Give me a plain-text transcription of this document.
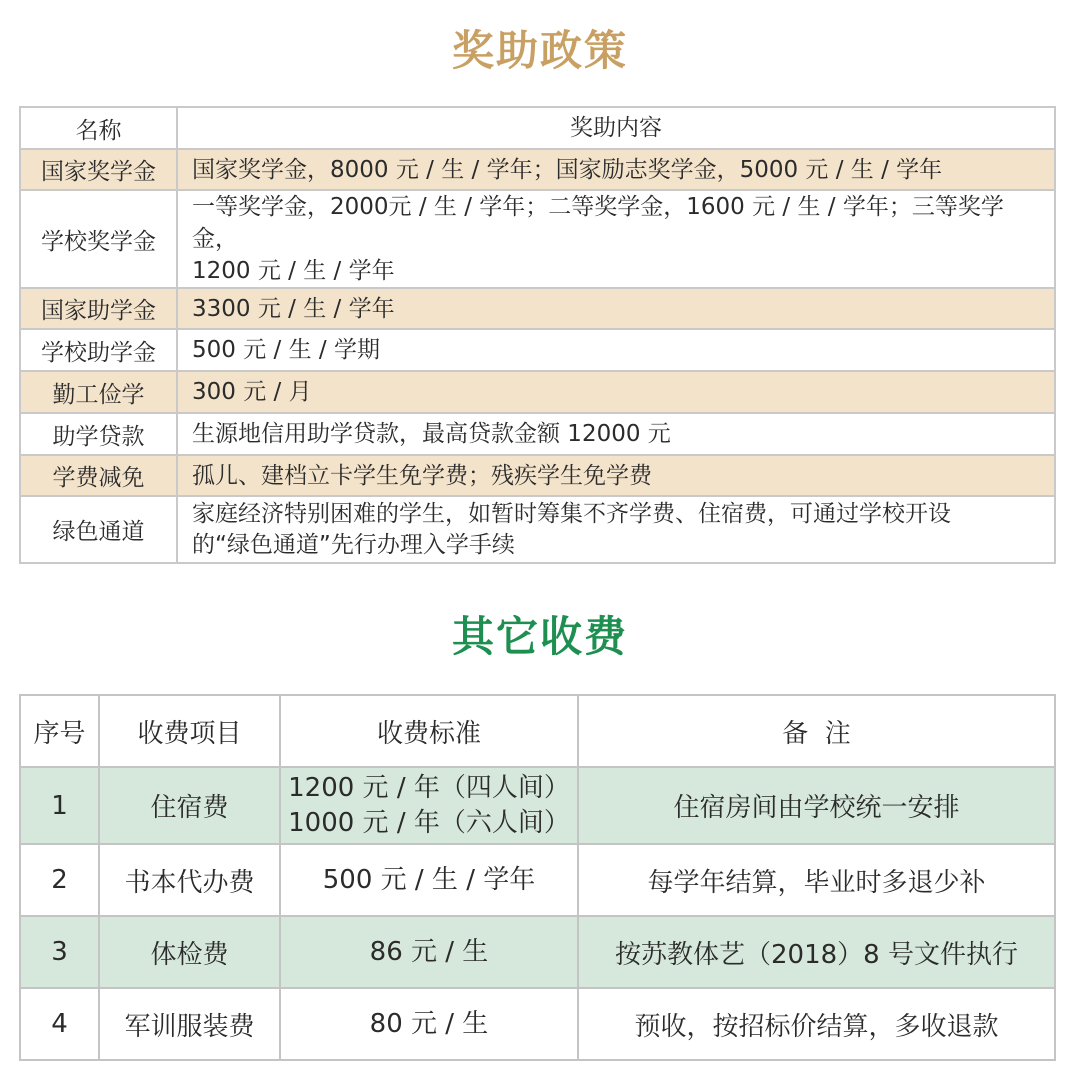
奖助政策
名称	奖助内容
国家奖学金	国家奖学金，8000 元 / 生 / 学年；国家励志奖学金，5000 元 / 生 / 学年

学校奖学金	一等奖学金，2000元 / 生 / 学年；二等奖学金，1600 元 / 生 / 学年；三等奖学金，
1200 元 / 生 / 学年

国家助学金	3300 元 / 生 / 学年

学校助学金	500 元 / 生 / 学期

勤工俭学	300 元 / 月

助学贷款	生源地信用助学贷款，最高贷款金额 12000 元

学费减免	孤儿、建档立卡学生免学费；残疾学生免学费

绿色通道	家庭经济特别困难的学生，如暂时筹集不齐学费、住宿费，可通过学校开设
的“绿色通道”先行办理入学手续
其它收费
序号	收费项目	收费标准	备  注
1	住宿费	1200 元 / 年（四人间）
1000 元 / 年（六人间）	住宿房间由学校统一安排
2	书本代办费	500 元 / 生 / 学年	每学年结算，毕业时多退少补
3	体检费	86 元 / 生	按苏教体艺（2018）8 号文件执行
4	军训服装费	80 元 / 生	预收，按招标价结算，多收退款
